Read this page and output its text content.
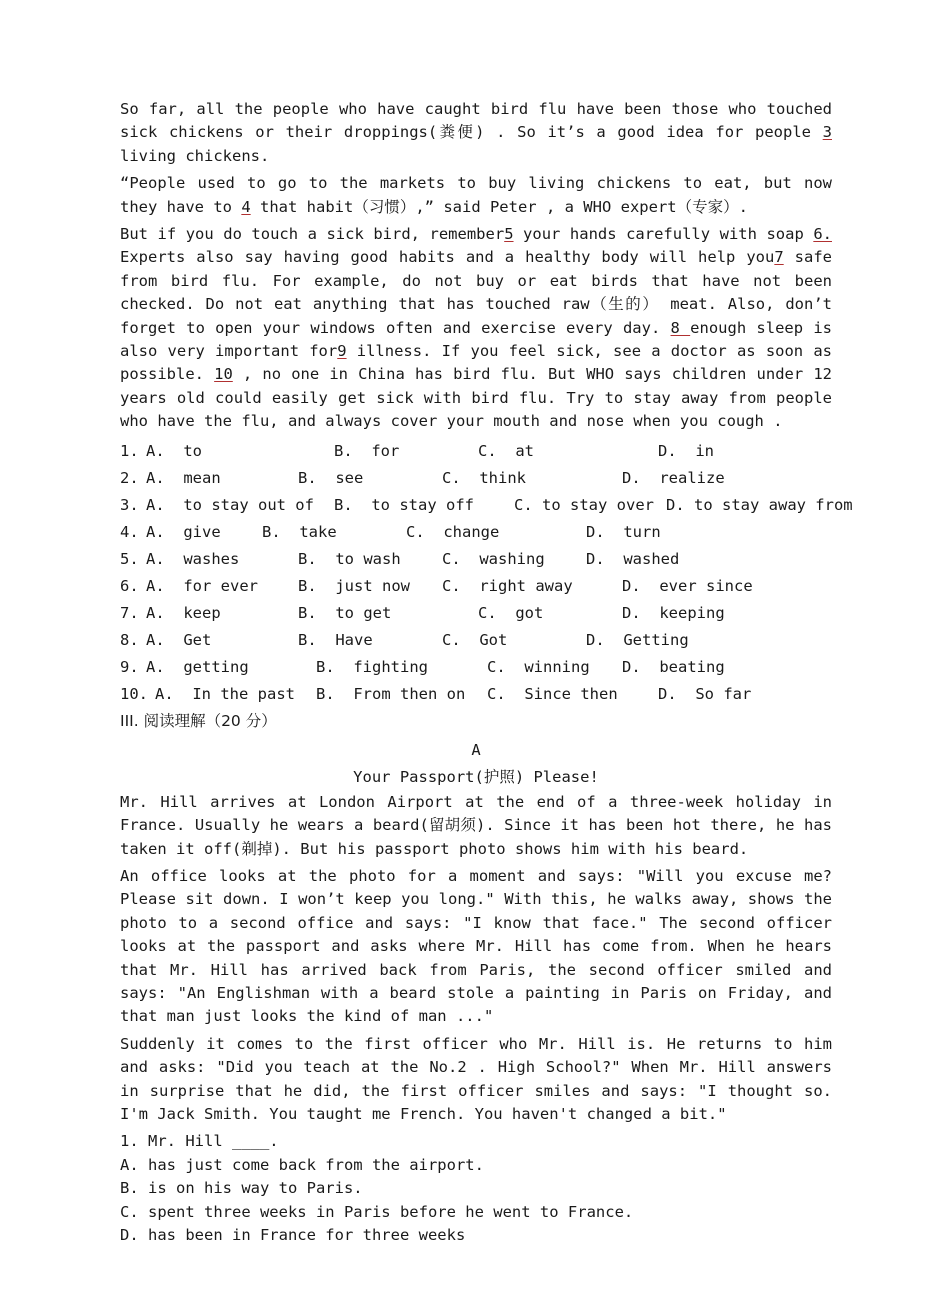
So far, all the people who have caught bird flu have been those who touched sick chickens or their droppings(粪便) . So it’s a good idea for people 3 living chickens.

“People used to go to the markets to buy living chickens to eat, but now they have to 4 that habit（习惯）,” said Peter , a WHO expert（专家）.

But if you do touch a sick bird, remember5 your hands carefully with soap 6. Experts also say having good habits and a healthy body will help you7 safe from bird flu. For example, do not buy or eat birds that have not been checked. Do not eat anything that has touched raw（生的） meat. Also, don’t forget to open your windows often and exercise every day. 8 enough sleep is also very important for9 illness. If you feel sick, see a doctor as soon as possible. 10 , no one in China has bird flu. But WHO says children under 12 years old could easily get sick with bird flu. Try to stay away from people who have the flu, and always cover your mouth and nose when you cough .

1. A.  to	B.  for	C.  at	D.  in
2. A.  mean	B.  see	C.  think	D.  realize
3. A.  to stay out of B.  to stay off	C. to stay over D. to stay away from
4. A.  give	B.  take	C.  change	D.  turn
5. A.  washes	B.  to wash	C.  washing	D.  washed
6. A.  for ever	B.  just now C.  right away	D.  ever since
7. A.  keep	B.  to get	C.  got	D.  keeping
8. A.  Get	B.  Have	C.  Got	D.  Getting
9. A.  getting	B.  fighting	C.  winning D.  beating
10. A.  In the past B.  From then on C.  Since then	D.  So far
III. 阅读理解（20 分）
A
Your Passport(护照) Please!

Mr. Hill arrives at London Airport at the end of a three-week holiday in France. Usually he wears a beard(留胡须). Since it has been hot there, he has taken it off(剃掉). But his passport photo shows him with his beard.

An office looks at the photo for a moment and says: "Will you excuse me? Please sit down. I won’t keep you long." With this, he walks away, shows the photo to a second office and says: "I know that face." The second officer looks at the passport and asks where Mr. Hill has come from. When he hears that Mr. Hill has arrived back from Paris, the second officer smiled and says: "An Englishman with a beard stole a painting in Paris on Friday, and that man just looks the kind of man ..."

Suddenly it comes to the first officer who Mr. Hill is. He returns to him and asks: "Did you teach at the No.2 . High School?" When Mr. Hill answers in surprise that he did, the first officer smiles and says: "I thought so. I'm Jack Smith. You taught me French. You haven't changed a bit."

1. Mr. Hill ____.
A. has just come back from the airport.
B. is on his way to Paris.
C. spent three weeks in Paris before he went to France.
D. has been in France for three weeks
